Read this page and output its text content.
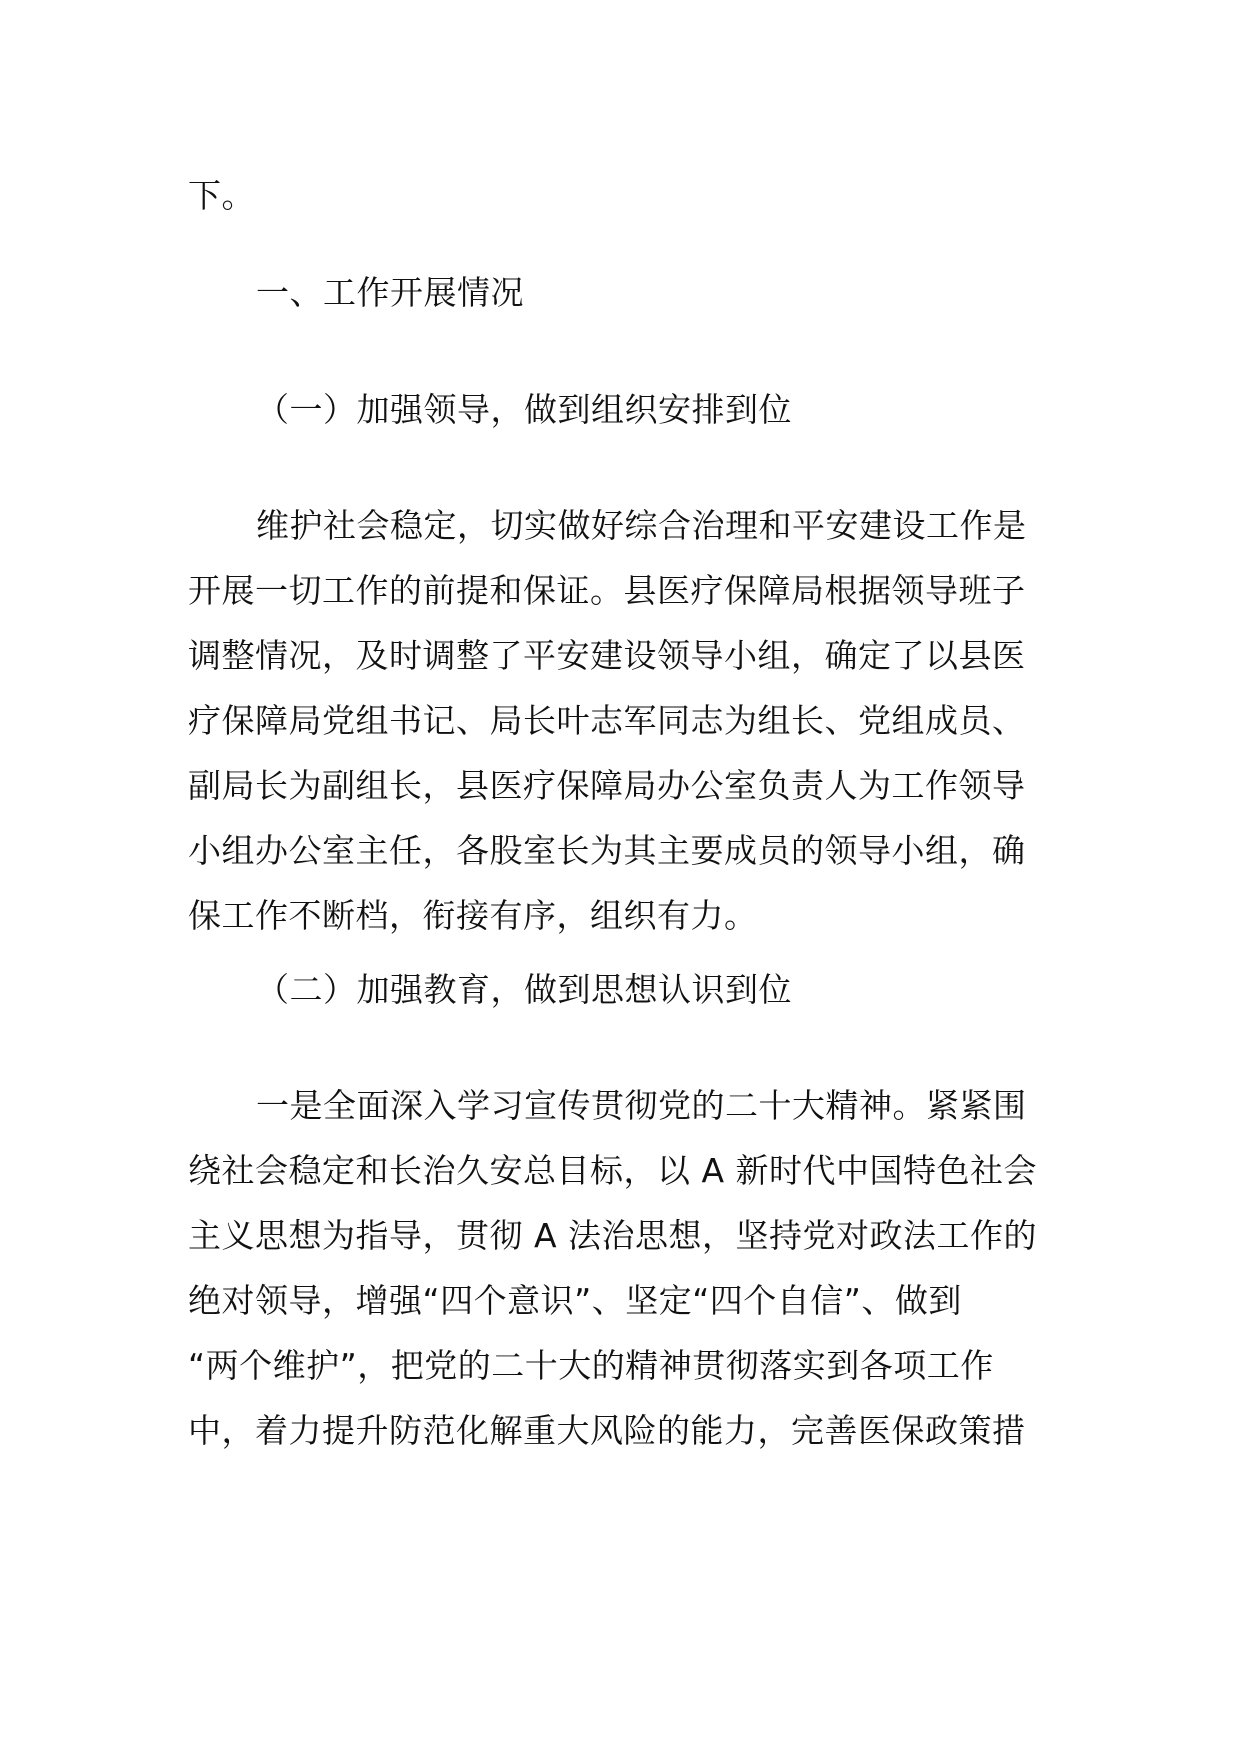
下。
一、工作开展情况
（一）加强领导，做到组织安排到位
维护社会稳定，切实做好综合治理和平安建设工作是
开展一切工作的前提和保证。县医疗保障局根据领导班子
调整情况，及时调整了平安建设领导小组，确定了以县医
疗保障局党组书记、局长叶志军同志为组长、党组成员、
副局长为副组长，县医疗保障局办公室负责人为工作领导
小组办公室主任，各股室长为其主要成员的领导小组，确
保工作不断档，衔接有序，组织有力。
（二）加强教育，做到思想认识到位
一是全面深入学习宣传贯彻党的二十大精神。紧紧围
绕社会稳定和长治久安总目标，以 A 新时代中国特色社会
主义思想为指导，贯彻 A 法治思想，坚持党对政法工作的
绝对领导，增强“四个意识”、坚定“四个自信”、做到
“两个维护”，把党的二十大的精神贯彻落实到各项工作
中，着力提升防范化解重大风险的能力，完善医保政策措
